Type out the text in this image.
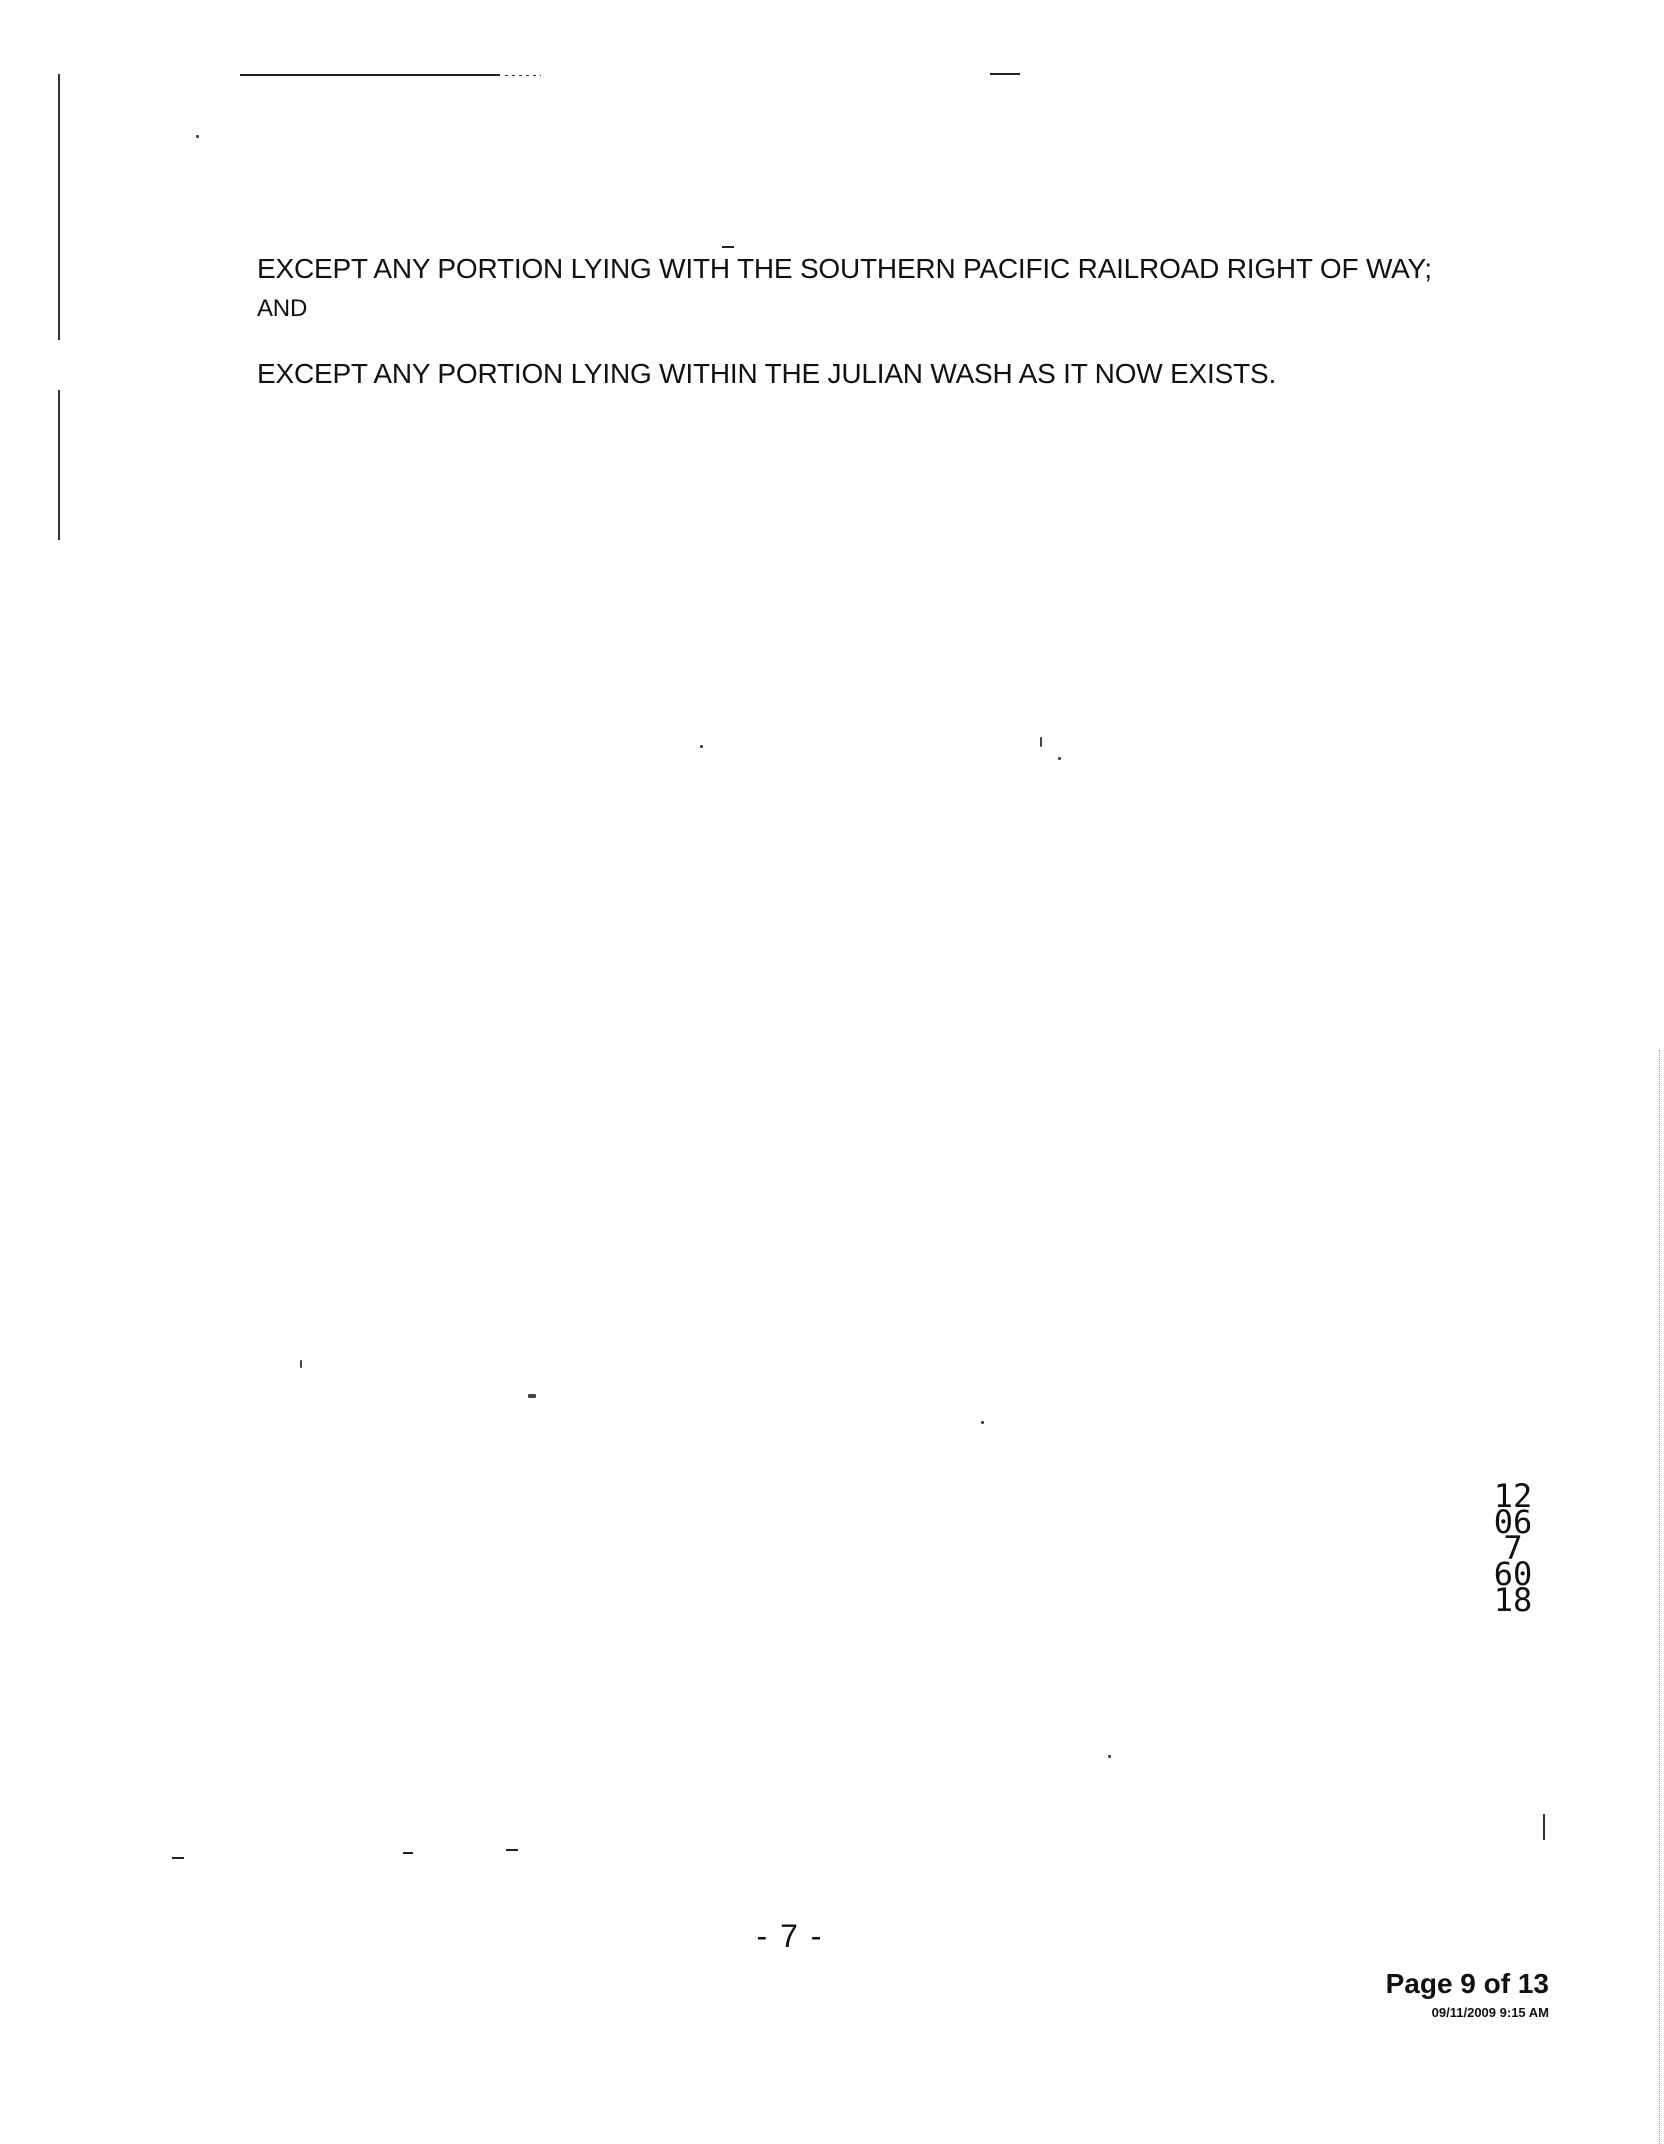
EXCEPT ANY PORTION LYING WITH THE SOUTHERN PACIFIC RAILROAD RIGHT OF WAY;
AND
EXCEPT ANY PORTION LYING WITHIN THE JULIAN WASH AS IT NOW EXISTS.
12067 6018
- 7 -
Page 9 of 13
09/11/2009 9:15 AM
